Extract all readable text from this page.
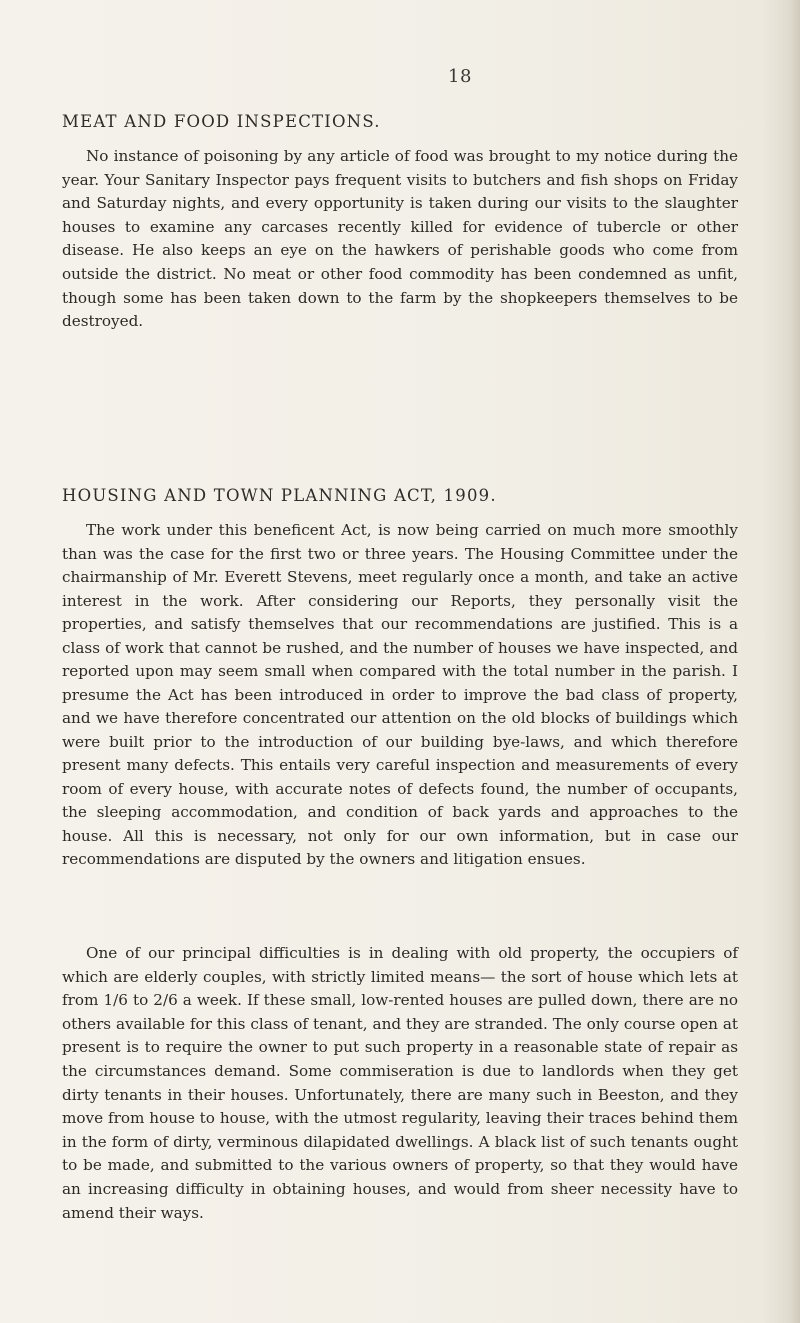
18
MEAT AND FOOD INSPECTIONS.

No instance of poisoning by any article of food was brought to my notice during the year. Your Sanitary Inspector pays frequent visits to butchers and fish shops on Friday and Saturday nights, and every opportunity is taken during our visits to the slaughter houses to examine any carcases recently killed for evidence of tubercle or other disease. He also keeps an eye on the hawkers of perishable goods who come from outside the district. No meat or other food commodity has been condemned as unfit, though some has been taken down to the farm by the shopkeepers themselves to be destroyed.

HOUSING AND TOWN PLANNING ACT, 1909.

The work under this beneficent Act, is now being carried on much more smoothly than was the case for the first two or three years. The Housing Committee under the chairmanship of Mr. Everett Stevens, meet regularly once a month, and take an active interest in the work. After considering our Reports, they personally visit the properties, and satisfy themselves that our recommendations are justified. This is a class of work that cannot be rushed, and the number of houses we have inspected, and reported upon may seem small when compared with the total number in the parish. I presume the Act has been introduced in order to improve the bad class of property, and we have therefore concentrated our attention on the old blocks of buildings which were built prior to the introduction of our building bye-laws, and which therefore present many defects. This entails very careful inspection and measurements of every room of every house, with accurate notes of defects found, the number of occupants, the sleeping accommodation, and condition of back yards and approaches to the house. All this is necessary, not only for our own information, but in case our recommendations are disputed by the owners and litigation ensues.

One of our principal difficulties is in dealing with old property, the occupiers of which are elderly couples, with strictly limited means— the sort of house which lets at from 1/6 to 2/6 a week. If these small, low-rented houses are pulled down, there are no others available for this class of tenant, and they are stranded. The only course open at present is to require the owner to put such property in a reasonable state of repair as the circumstances demand. Some commiseration is due to landlords when they get dirty tenants in their houses. Unfortunately, there are many such in Beeston, and they move from house to house, with the utmost regularity, leaving their traces behind them in the form of dirty, verminous dilapidated dwellings. A black list of such tenants ought to be made, and submitted to the various owners of property, so that they would have an increasing difficulty in obtaining houses, and would from sheer necessity have to amend their ways.
